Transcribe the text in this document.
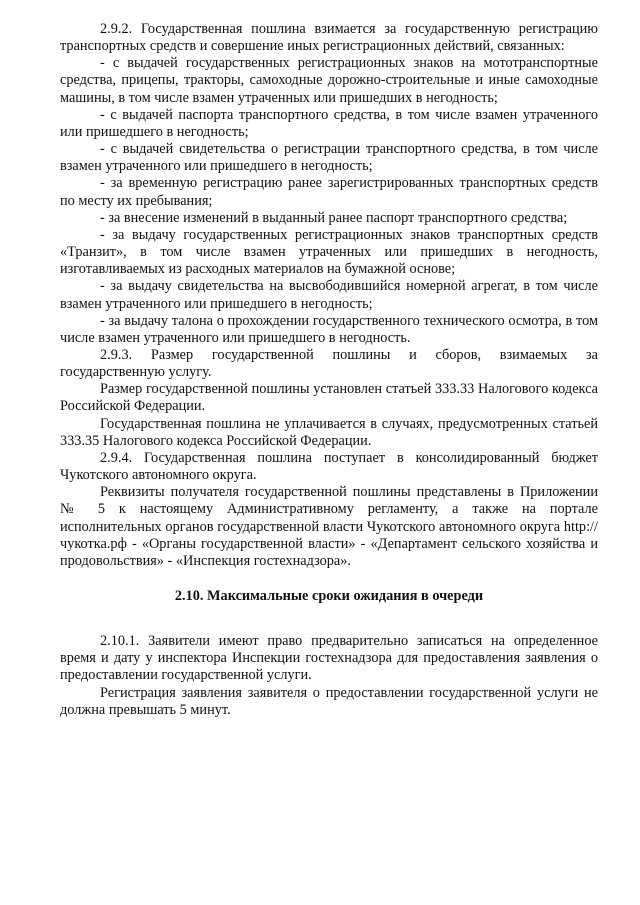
2.9.2. Государственная пошлина взимается за государственную регистрацию транспортных средств и совершение иных регистрационных действий, связанных:

- с выдачей государственных регистрационных знаков на мототранспортные средства, прицепы, тракторы, самоходные дорожно-строительные и иные самоходные машины, в том числе взамен утраченных или пришедших в негодность;

- с выдачей паспорта транспортного средства, в том числе взамен утраченного или пришедшего в негодность;

- с выдачей свидетельства о регистрации транспортного средства, в том числе взамен утраченного или пришедшего в негодность;

- за временную регистрацию ранее зарегистрированных транспортных средств по месту их пребывания;

- за внесение изменений в выданный ранее паспорт транспортного средства;

- за выдачу государственных регистрационных знаков транспортных средств «Транзит», в том числе взамен утраченных или пришедших в негодность, изготавливаемых из расходных материалов на бумажной основе;

- за выдачу свидетельства на высвободившийся номерной агрегат, в том числе взамен утраченного или пришедшего в негодность;

- за выдачу талона о прохождении государственного технического осмотра, в том числе взамен утраченного или пришедшего в негодность.

2.9.3. Размер государственной пошлины и сборов, взимаемых за государственную услугу.

Размер государственной пошлины установлен статьей 333.33 Налогового кодекса Российской Федерации.

Государственная пошлина не уплачивается в случаях, предусмотренных статьей 333.35 Налогового кодекса Российской Федерации.

2.9.4. Государственная пошлина поступает в консолидированный бюджет Чукотского автономного округа.

Реквизиты получателя государственной пошлины представлены в Приложении № 5 к настоящему Административному регламенту, а также на портале исполнительных органов государственной власти Чукотского автономного округа http://чукотка.рф - «Органы государственной власти» - «Департамент сельского хозяйства и продовольствия» - «Инспекция гостехнадзора».

2.10. Максимальные сроки ожидания в очереди

2.10.1. Заявители имеют право предварительно записаться на определенное время и дату у инспектора Инспекции гостехнадзора для предоставления заявления о предоставлении государственной услуги.

Регистрация заявления заявителя о предоставлении государственной услуги не должна превышать 5 минут.
